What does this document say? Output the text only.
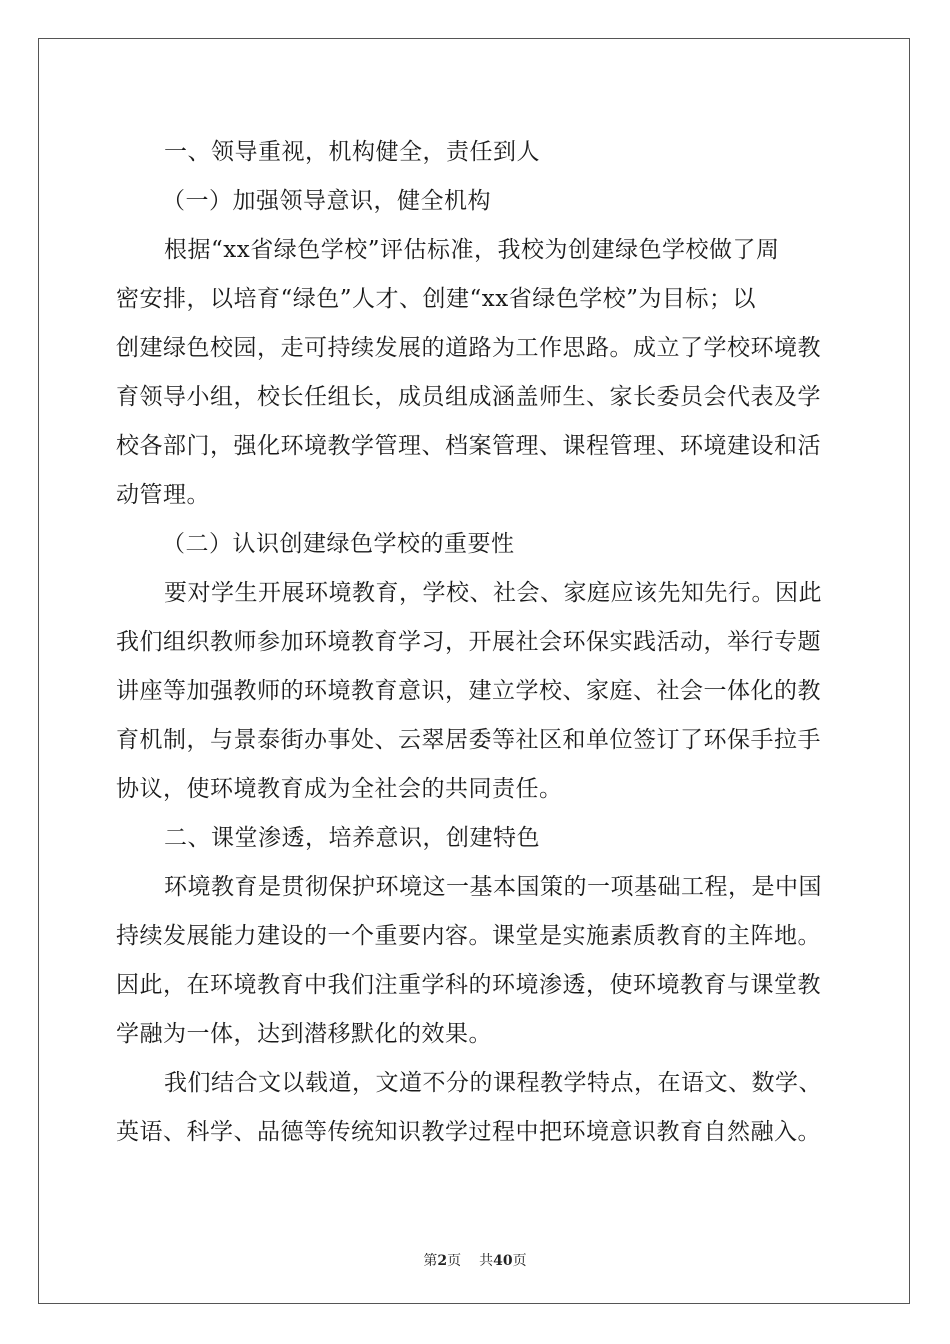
一、领导重视，机构健全，责任到人
（一）加强领导意识，健全机构
根据“xx省绿色学校”评估标准，我校为创建绿色学校做了周
密安排，以培育“绿色”人才、创建“xx省绿色学校”为目标；以
创建绿色校园，走可持续发展的道路为工作思路。成立了学校环境教
育领导小组，校长任组长，成员组成涵盖师生、家长委员会代表及学
校各部门，强化环境教学管理、档案管理、课程管理、环境建设和活
动管理。
（二）认识创建绿色学校的重要性
要对学生开展环境教育，学校、社会、家庭应该先知先行。因此
我们组织教师参加环境教育学习，开展社会环保实践活动，举行专题
讲座等加强教师的环境教育意识，建立学校、家庭、社会一体化的教
育机制，与景泰街办事处、云翠居委等社区和单位签订了环保手拉手
协议，使环境教育成为全社会的共同责任。
二、课堂渗透，培养意识，创建特色
环境教育是贯彻保护环境这一基本国策的一项基础工程，是中国
持续发展能力建设的一个重要内容。课堂是实施素质教育的主阵地。
因此，在环境教育中我们注重学科的环境渗透，使环境教育与课堂教
学融为一体，达到潜移默化的效果。
我们结合文以载道，文道不分的课程教学特点，在语文、数学、
英语、科学、品德等传统知识教学过程中把环境意识教育自然融入。
第2页 共40页
